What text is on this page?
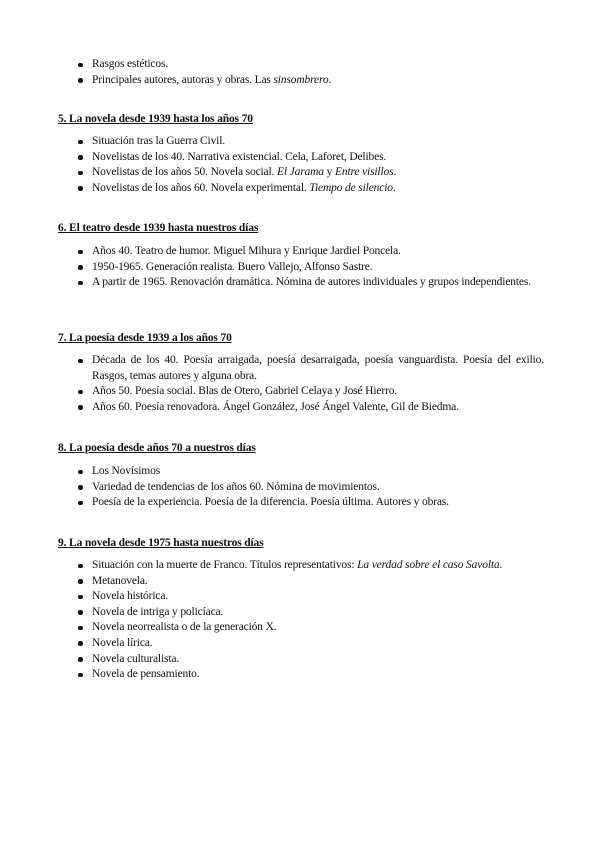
Rasgos estéticos.
Principales autores, autoras y obras. Las sinsombrero.
5. La novela desde 1939 hasta los años 70
Situación tras la Guerra Civil.
Novelistas de los 40. Narrativa existencial. Cela, Laforet, Delibes.
Novelistas de los años 50. Novela social. El Jarama y Entre visillos.
Novelistas de los años 60. Novela experimental. Tiempo de silencio.
6. El teatro desde 1939 hasta nuestros días
Años 40. Teatro de humor. Miguel Mihura y Enrique Jardiel Poncela.
1950-1965. Generación realista. Buero Vallejo, Alfonso Sastre.
A partir de 1965. Renovación dramática. Nómina de autores individuales y grupos independientes.
7. La poesía desde 1939 a los años 70
Década de los 40. Poesía arraigada, poesía desarraigada, poesía vanguardista. Poesía del exilio. Rasgos, temas autores y alguna obra.
Años 50. Poesía social. Blas de Otero, Gabriel Celaya y José Hierro.
Años 60. Poesía renovadora. Ángel González, José Ángel Valente, Gil de Biedma.
8. La poesía desde años 70 a nuestros días
Los Novísimos
Variedad de tendencias de los años 60. Nómina de movimientos.
Poesía de la experiencia. Poesía de la diferencia. Poesía última. Autores y obras.
9. La novela desde 1975 hasta nuestros días
Situación con la muerte de Franco. Títulos representativos: La verdad sobre el caso Savolta.
Metanovela.
Novela histórica.
Novela de intriga y policíaca.
Novela neorrealista o de la generación X.
Novela lírica.
Novela culturalista.
Novela de pensamiento.
